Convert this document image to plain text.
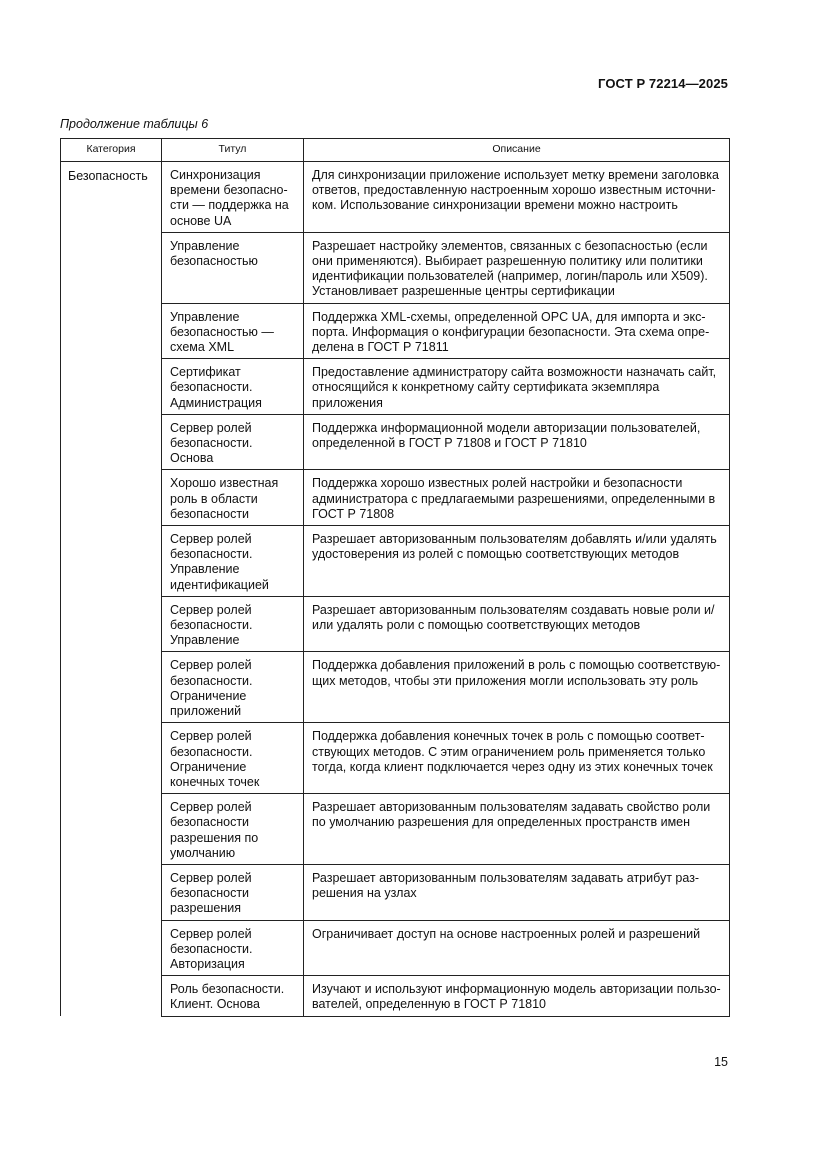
ГОСТ Р 72214—2025
Продолжение таблицы 6
Категория	Титул	Описание
Безопасность	Синхронизация времени безопасно-сти — поддержка на основе UA	Для синхронизации приложение использует метку времени заголовка ответов, предоставленную настроенным хорошо известным источни-ком. Использование синхронизации времени можно настроить
	Управление безопасностью	Разрешает настройку элементов, связанных с безопасностью (если они применяются). Выбирает разрешенную политику или политики идентификации пользователей (например, логин/пароль или X509). Установливает разрешенные центры сертификации
	Управление безопасностью — схема XML	Поддержка XML-схемы, определенной OPC UA, для импорта и экс-порта. Информация о конфигурации безопасности. Эта схема опре-делена в ГОСТ Р 71811
	Сертификат безопасности. Администрация	Предоставление администратору сайта возможности назначать сайт, относящийся к конкретному сайту сертификата экземпляра приложения
	Сервер ролей безопасности. Основа	Поддержка информационной модели авторизации пользователей, определенной в ГОСТ Р 71808 и ГОСТ Р 71810
	Хорошо известная роль в области безопасности	Поддержка хорошо известных ролей настройки и безопасности администратора с предлагаемыми разрешениями, определенными в ГОСТ Р 71808
	Сервер ролей безопасности. Управление идентификацией	Разрешает авторизованным пользователям добавлять и/или удалять удостоверения из ролей с помощью соответствующих методов
	Сервер ролей безопасности. Управление	Разрешает авторизованным пользователям создавать новые роли и/или удалять роли с помощью соответствующих методов
	Сервер ролей безопасности. Ограничение приложений	Поддержка добавления приложений в роль с помощью соответствую-щих методов, чтобы эти приложения могли использовать эту роль
	Сервер ролей безопасности. Ограничение конечных точек	Поддержка добавления конечных точек в роль с помощью соответ-ствующих методов. С этим ограничением роль применяется только тогда, когда клиент подключается через одну из этих конечных точек
	Сервер ролей безопасности разрешения по умолчанию	Разрешает авторизованным пользователям задавать свойство роли по умолчанию разрешения для определенных пространств имен
	Сервер ролей безопасности разрешения	Разрешает авторизованным пользователям задавать атрибут раз-решения на узлах
	Сервер ролей безопасности. Авторизация	Ограничивает доступ на основе настроенных ролей и разрешений
	Роль безопасности. Клиент. Основа	Изучают и используют информационную модель авторизации пользо-вателей, определенную в ГОСТ Р 71810
15
